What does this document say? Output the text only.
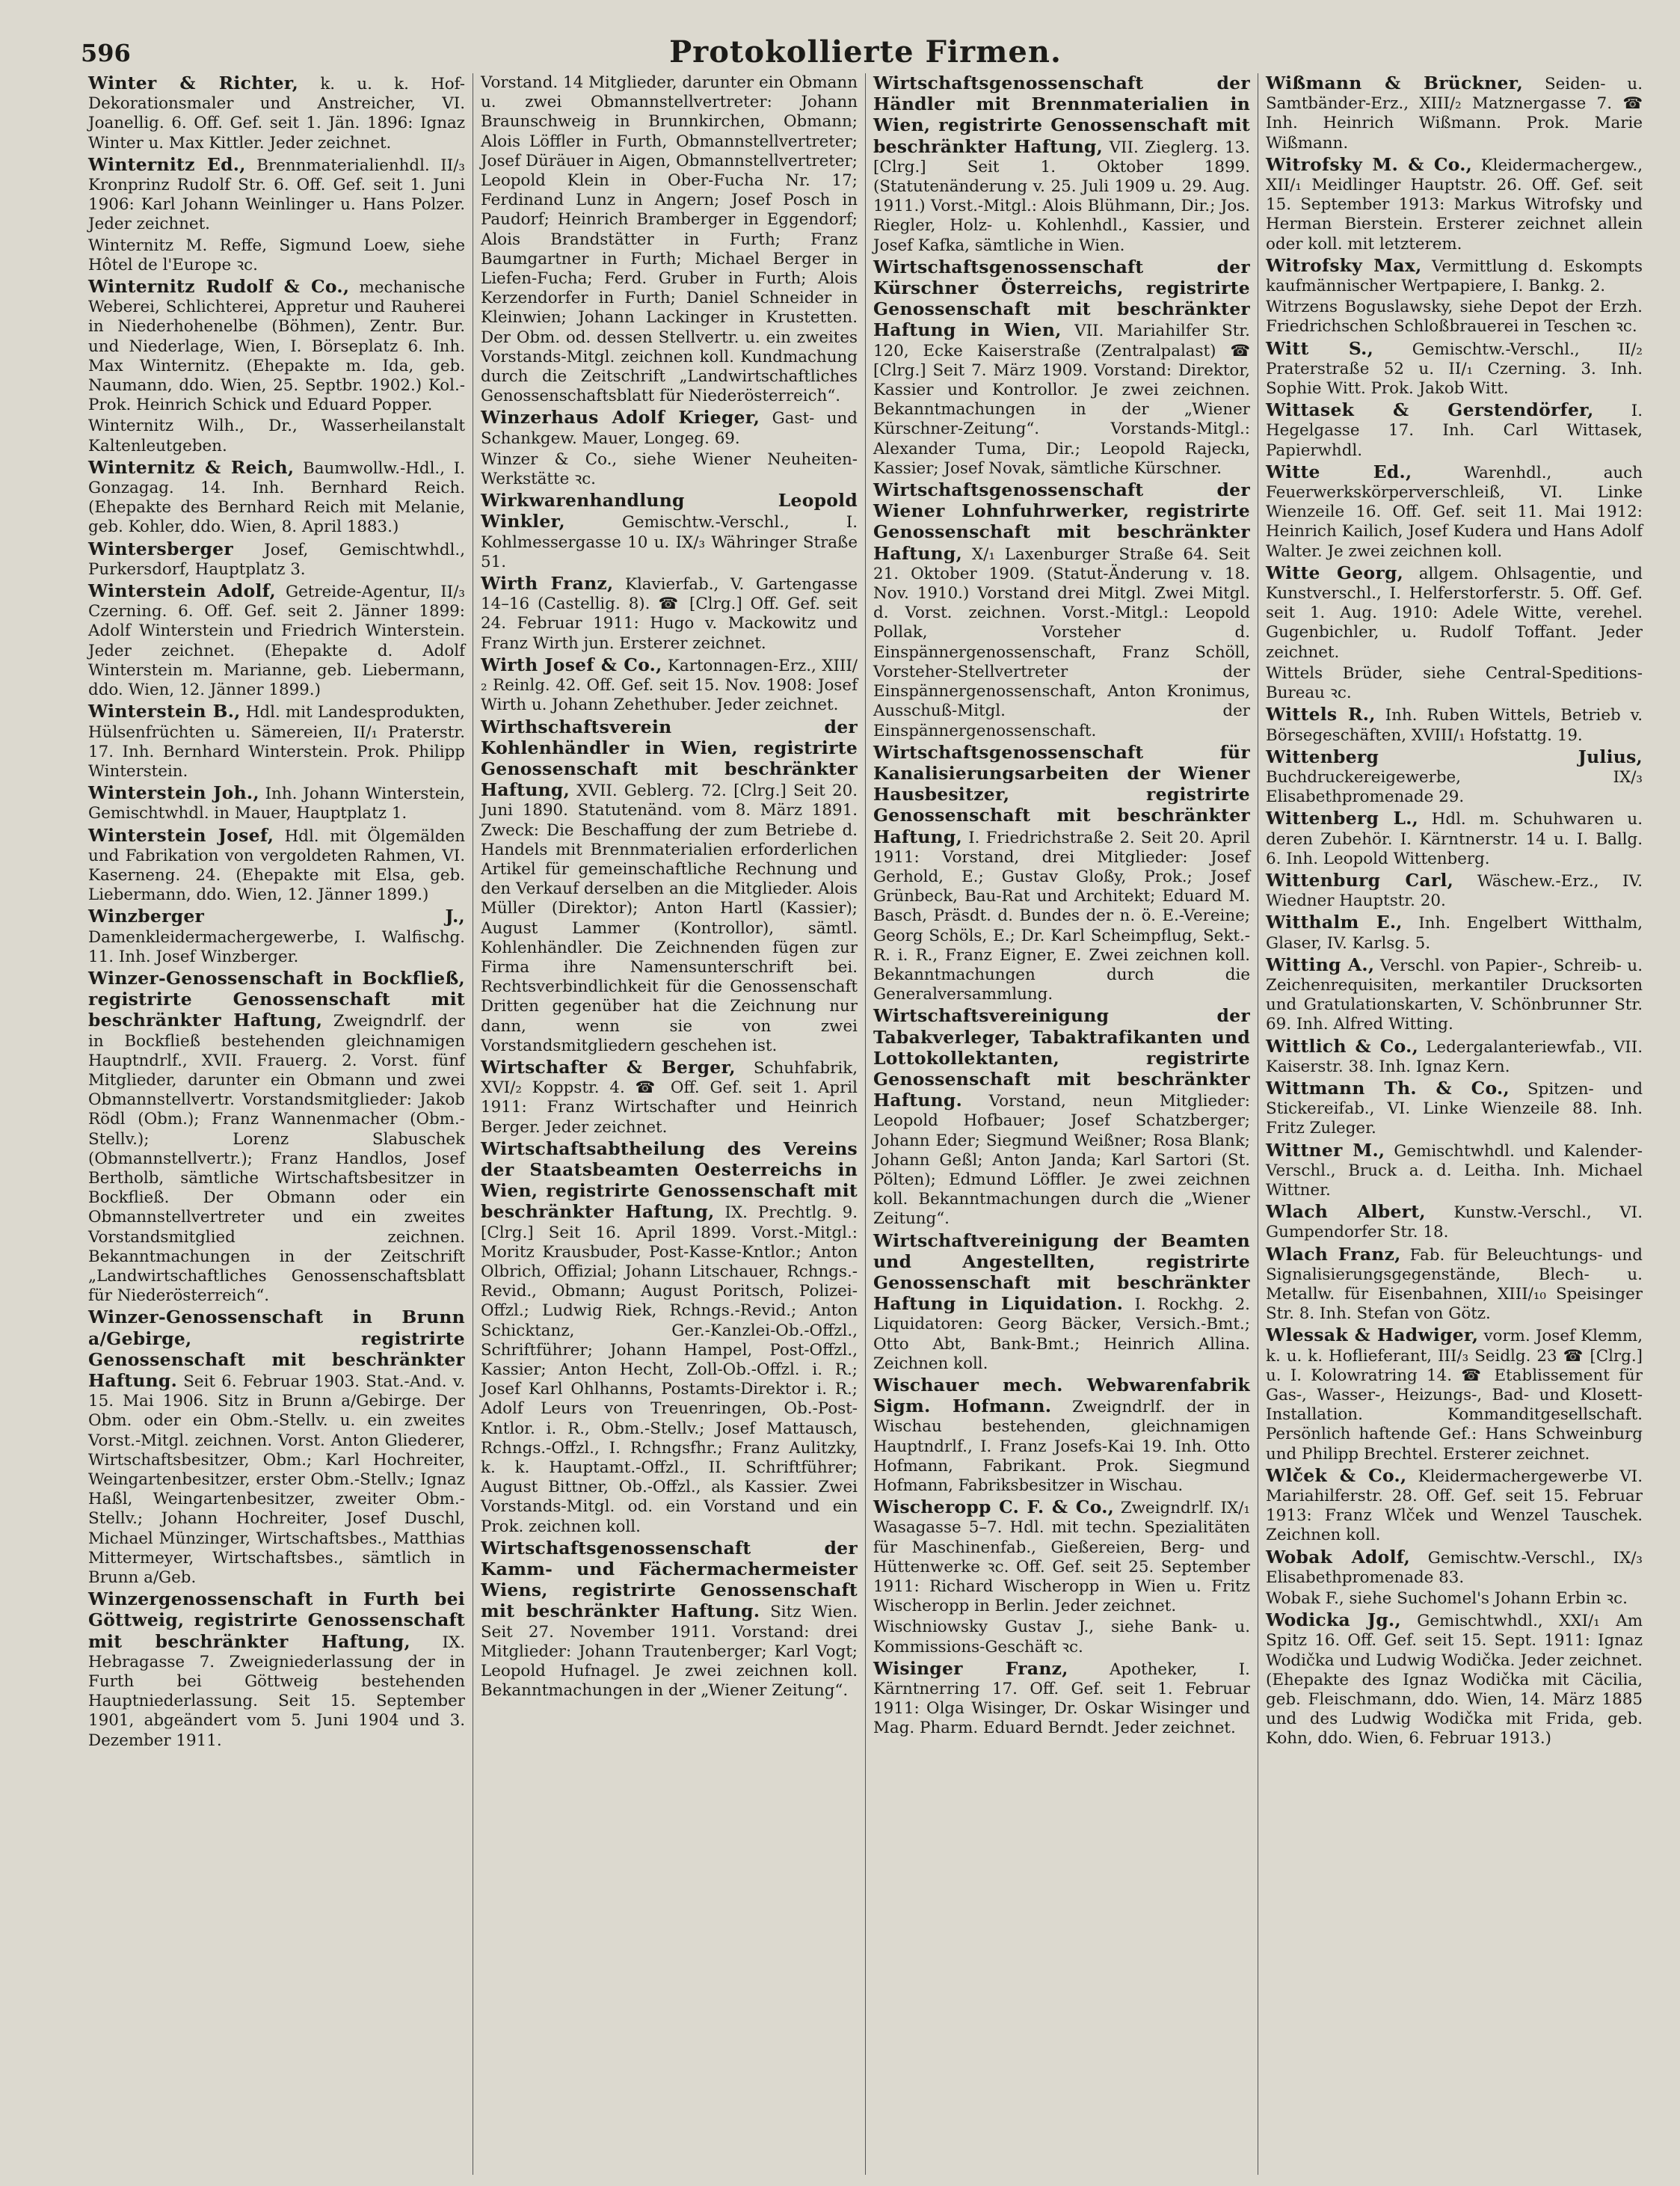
596	Protokollierte Firmen.

Winter & Richter, k. u. k. Hof-Dekorationsmaler und Anstreicher, VI. Joanellig. 6. Off. Gef. seit 1. Jän. 1896: Ignaz Winter u. Max Kittler. Jeder zeichnet.

Winternitz Ed., Brennmaterialienhdl. II/₃ Kronprinz Rudolf Str. 6. Off. Gef. seit 1. Juni 1906: Karl Johann Weinlinger u. Hans Polzer. Jeder zeichnet.

Winternitz M. Reffe, Sigmund Loew, siehe Hôtel de l'Europe ꝛc.

Winternitz Rudolf & Co., mechanische Weberei, Schlichterei, Appretur und Rauherei in Niederhohenelbe (Böhmen), Zentr. Bur. und Niederlage, Wien, I. Börseplatz 6. Inh. Max Winternitz. (Ehepakte m. Ida, geb. Naumann, ddo. Wien, 25. Septbr. 1902.) Kol.-Prok. Heinrich Schick und Eduard Popper.

Winternitz Wilh., Dr., Wasserheilanstalt Kaltenleutgeben.

Winternitz & Reich, Baumwollw.-Hdl., I. Gonzagag. 14. Inh. Bernhard Reich. (Ehepakte des Bernhard Reich mit Melanie, geb. Kohler, ddo. Wien, 8. April 1883.)

Wintersberger Josef, Gemischtwhdl., Purkersdorf, Hauptplatz 3.

Winterstein Adolf, Getreide-Agentur, II/₃ Czerning. 6. Off. Gef. seit 2. Jänner 1899: Adolf Winterstein und Friedrich Winterstein. Jeder zeichnet. (Ehepakte d. Adolf Winterstein m. Marianne, geb. Liebermann, ddo. Wien, 12. Jänner 1899.)

Winterstein B., Hdl. mit Landesprodukten, Hülsenfrüchten u. Sämereien, II/₁ Praterstr. 17. Inh. Bernhard Winterstein. Prok. Philipp Winterstein.

Winterstein Joh., Inh. Johann Winterstein, Gemischtwhdl. in Mauer, Hauptplatz 1.

Winterstein Josef, Hdl. mit Ölgemälden und Fabrikation von vergoldeten Rahmen, VI. Kaserneng. 24. (Ehepakte mit Elsa, geb. Liebermann, ddo. Wien, 12. Jänner 1899.)

Winzberger J., Damenkleidermachergewerbe, I. Walfischg. 11. Inh. Josef Winzberger.

Winzer-Genossenschaft in Bockfließ, registrirte Genossenschaft mit beschränkter Haftung, Zweigndrlf. der in Bockfließ bestehenden gleichnamigen Hauptndrlf., XVII. Frauerg. 2. Vorst. fünf Mitglieder, darunter ein Obmann und zwei Obmannstellvertr. Vorstandsmitglieder: Jakob Rödl (Obm.); Franz Wannenmacher (Obm.-Stellv.); Lorenz Slabuschek (Obmannstellvertr.); Franz Handlos, Josef Bertholb, sämtliche Wirtschaftsbesitzer in Bockfließ. Der Obmann oder ein Obmannstellvertreter und ein zweites Vorstandsmitglied zeichnen. Bekanntmachungen in der Zeitschrift „Landwirtschaftliches Genossenschaftsblatt für Niederösterreich“.

Winzer-Genossenschaft in Brunn a/Gebirge, registrirte Genossenschaft mit beschränkter Haftung. Seit 6. Februar 1903. Stat.-And. v. 15. Mai 1906. Sitz in Brunn a/Gebirge. Der Obm. oder ein Obm.-Stellv. u. ein zweites Vorst.-Mitgl. zeichnen. Vorst. Anton Gliederer, Wirtschaftsbesitzer, Obm.; Karl Hochreiter, Weingartenbesitzer, erster Obm.-Stellv.; Ignaz Haßl, Weingartenbesitzer, zweiter Obm.-Stellv.; Johann Hochreiter, Josef Duschl, Michael Münzinger, Wirtschaftsbes., Matthias Mittermeyer, Wirtschaftsbes., sämtlich in Brunn a/Geb.

Winzergenossenschaft in Furth bei Göttweig, registrirte Genossenschaft mit beschränkter Haftung, IX. Hebragasse 7. Zweigniederlassung der in Furth bei Göttweig bestehenden Hauptniederlassung. Seit 15. September 1901, abgeändert vom 5. Juni 1904 und 3. Dezember 1911.

Vorstand. 14 Mitglieder, darunter ein Obmann u. zwei Obmannstellvertreter: Johann Braunschweig in Brunnkirchen, Obmann; Alois Löffler in Furth, Obmannstellvertreter; Josef Düräuer in Aigen, Obmannstellvertreter; Leopold Klein in Ober-Fucha Nr. 17; Ferdinand Lunz in Angern; Josef Posch in Paudorf; Heinrich Bramberger in Eggendorf; Alois Brandstätter in Furth; Franz Baumgartner in Furth; Michael Berger in Liefen-Fucha; Ferd. Gruber in Furth; Alois Kerzendorfer in Furth; Daniel Schneider in Kleinwien; Johann Lackinger in Krustetten. Der Obm. od. dessen Stellvertr. u. ein zweites Vorstands-Mitgl. zeichnen koll. Kundmachung durch die Zeitschrift „Landwirtschaftliches Genossenschaftsblatt für Niederösterreich“.

Winzerhaus Adolf Krieger, Gast- und Schankgew. Mauer, Longeg. 69.

Winzer & Co., siehe Wiener Neuheiten-Werkstätte ꝛc.

Wirkwarenhandlung Leopold Winkler, Gemischtw.-Verschl., I. Kohlmessergasse 10 u. IX/₃ Währinger Straße 51.

Wirth Franz, Klavierfab., V. Gartengasse 14–16 (Castellig. 8). ☎ [Clrg.] Off. Gef. seit 24. Februar 1911: Hugo v. Mackowitz und Franz Wirth jun. Ersterer zeichnet.

Wirth Josef & Co., Kartonnagen-Erz., XIII/₂ Reinlg. 42. Off. Gef. seit 15. Nov. 1908: Josef Wirth u. Johann Zehethuber. Jeder zeichnet.

Wirthschaftsverein der Kohlenhändler in Wien, registrirte Genossenschaft mit beschränkter Haftung, XVII. Geblerg. 72. [Clrg.] Seit 20. Juni 1890. Statutenänd. vom 8. März 1891. Zweck: Die Beschaffung der zum Betriebe d. Handels mit Brennmaterialien erforderlichen Artikel für gemeinschaftliche Rechnung und den Verkauf derselben an die Mitglieder. Alois Müller (Direktor); Anton Hartl (Kassier); August Lammer (Kontrollor), sämtl. Kohlenhändler. Die Zeichnenden fügen zur Firma ihre Namensunterschrift bei. Rechtsverbindlichkeit für die Genossenschaft Dritten gegenüber hat die Zeichnung nur dann, wenn sie von zwei Vorstandsmitgliedern geschehen ist.

Wirtschafter & Berger, Schuhfabrik, XVI/₂ Koppstr. 4. ☎ Off. Gef. seit 1. April 1911: Franz Wirtschafter und Heinrich Berger. Jeder zeichnet.

Wirtschaftsabtheilung des Vereins der Staatsbeamten Oesterreichs in Wien, registrirte Genossenschaft mit beschränkter Haftung, IX. Prechtlg. 9. [Clrg.] Seit 16. April 1899. Vorst.-Mitgl.: Moritz Krausbuder, Post-Kasse-Kntlor.; Anton Olbrich, Offizial; Johann Litschauer, Rchngs.-Revid., Obmann; August Poritsch, Polizei-Offzl.; Ludwig Riek, Rchngs.-Revid.; Anton Schicktanz, Ger.-Kanzlei-Ob.-Offzl., Schriftführer; Johann Hampel, Post-Offzl., Kassier; Anton Hecht, Zoll-Ob.-Offzl. i. R.; Josef Karl Ohlhanns, Postamts-Direktor i. R.; Adolf Leurs von Treuenringen, Ob.-Post-Kntlor. i. R., Obm.-Stellv.; Josef Mattausch, Rchngs.-Offzl., I. Rchngsfhr.; Franz Aulitzky, k. k. Hauptamt.-Offzl., II. Schriftführer; August Bittner, Ob.-Offzl., als Kassier. Zwei Vorstands-Mitgl. od. ein Vorstand und ein Prok. zeichnen koll.

Wirtschaftsgenossenschaft der Kamm- und Fächermachermeister Wiens, registrirte Genossenschaft mit beschränkter Haftung. Sitz Wien. Seit 27. November 1911. Vorstand: drei Mitglieder: Johann Trautenberger; Karl Vogt; Leopold Hufnagel. Je zwei zeichnen koll. Bekanntmachungen in der „Wiener Zeitung“.

Wirtschaftsgenossenschaft der Händler mit Brennmaterialien in Wien, registrirte Genossenschaft mit beschränkter Haftung, VII. Zieglerg. 13. [Clrg.] Seit 1. Oktober 1899. (Statutenänderung v. 25. Juli 1909 u. 29. Aug. 1911.) Vorst.-Mitgl.: Alois Blühmann, Dir.; Jos. Riegler, Holz- u. Kohlenhdl., Kassier, und Josef Kafka, sämtliche in Wien.

Wirtschaftsgenossenschaft der Kürschner Österreichs, registrirte Genossenschaft mit beschränkter Haftung in Wien, VII. Mariahilfer Str. 120, Ecke Kaiserstraße (Zentralpalast) ☎ [Clrg.] Seit 7. März 1909. Vorstand: Direktor, Kassier und Kontrollor. Je zwei zeichnen. Bekanntmachungen in der „Wiener Kürschner-Zeitung“. Vorstands-Mitgl.: Alexander Tuma, Dir.; Leopold Rajeckı, Kassier; Josef Novak, sämtliche Kürschner.

Wirtschaftsgenossenschaft der Wiener Lohnfuhrwerker, registrirte Genossenschaft mit beschränkter Haftung, X/₁ Laxenburger Straße 64. Seit 21. Oktober 1909. (Statut-Änderung v. 18. Nov. 1910.) Vorstand drei Mitgl. Zwei Mitgl. d. Vorst. zeichnen. Vorst.-Mitgl.: Leopold Pollak, Vorsteher d. Einspännergenossenschaft, Franz Schöll, Vorsteher-Stellvertreter der Einspännergenossenschaft, Anton Kronimus, Ausschuß-Mitgl. der Einspännergenossenschaft.

Wirtschaftsgenossenschaft für Kanalisierungsarbeiten der Wiener Hausbesitzer, registrirte Genossenschaft mit beschränkter Haftung, I. Friedrichstraße 2. Seit 20. April 1911: Vorstand, drei Mitglieder: Josef Gerhold, E.; Gustav Gloßy, Prok.; Josef Grünbeck, Bau-Rat und Architekt; Eduard M. Basch, Präsdt. d. Bundes der n. ö. E.-Vereine; Georg Schöls, E.; Dr. Karl Scheimpflug, Sekt.-R. i. R., Franz Eigner, E. Zwei zeichnen koll. Bekanntmachungen durch die Generalversammlung.

Wirtschaftsvereinigung der Tabakverleger, Tabaktrafikanten und Lottokollektanten, registrirte Genossenschaft mit beschränkter Haftung. Vorstand, neun Mitglieder: Leopold Hofbauer; Josef Schatzberger; Johann Eder; Siegmund Weißner; Rosa Blank; Johann Geßl; Anton Janda; Karl Sartori (St. Pölten); Edmund Löffler. Je zwei zeichnen koll. Bekanntmachungen durch die „Wiener Zeitung“.

Wirtschaftvereinigung der Beamten und Angestellten, registrirte Genossenschaft mit beschränkter Haftung in Liquidation. I. Rockhg. 2. Liquidatoren: Georg Bäcker, Versich.-Bmt.; Otto Abt, Bank-Bmt.; Heinrich Allina. Zeichnen koll.

Wischauer mech. Webwarenfabrik Sigm. Hofmann. Zweigndrlf. der in Wischau bestehenden, gleichnamigen Hauptndrlf., I. Franz Josefs-Kai 19. Inh. Otto Hofmann, Fabrikant. Prok. Siegmund Hofmann, Fabriksbesitzer in Wischau.

Wischeropp C. F. & Co., Zweigndrlf. IX/₁ Wasagasse 5–7. Hdl. mit techn. Spezialitäten für Maschinenfab., Gießereien, Berg- und Hüttenwerke ꝛc. Off. Gef. seit 25. September 1911: Richard Wischeropp in Wien u. Fritz Wischeropp in Berlin. Jeder zeichnet.

Wischniowsky Gustav J., siehe Bank- u. Kommissions-Geschäft ꝛc.

Wisinger Franz, Apotheker, I. Kärntnerring 17. Off. Gef. seit 1. Februar 1911: Olga Wisinger, Dr. Oskar Wisinger und Mag. Pharm. Eduard Berndt. Jeder zeichnet.

Wißmann & Brückner, Seiden- u. Samtbänder-Erz., XIII/₂ Matznergasse 7. ☎ Inh. Heinrich Wißmann. Prok. Marie Wißmann.

Witrofsky M. & Co., Kleidermachergew., XII/₁ Meidlinger Hauptstr. 26. Off. Gef. seit 15. September 1913: Markus Witrofsky und Herman Bierstein. Ersterer zeichnet allein oder koll. mit letzterem.

Witrofsky Max, Vermittlung d. Eskompts kaufmännischer Wertpapiere, I. Bankg. 2.

Witrzens Boguslawsky, siehe Depot der Erzh. Friedrichschen Schloßbrauerei in Teschen ꝛc.

Witt S., Gemischtw.-Verschl., II/₂ Praterstraße 52 u. II/₁ Czerning. 3. Inh. Sophie Witt. Prok. Jakob Witt.

Wittasek & Gerstendörfer, I. Hegelgasse 17. Inh. Carl Wittasek, Papierwhdl.

Witte Ed., Warenhdl., auch Feuerwerkskörperverschleiß, VI. Linke Wienzeile 16. Off. Gef. seit 11. Mai 1912: Heinrich Kailich, Josef Kudera und Hans Adolf Walter. Je zwei zeichnen koll.

Witte Georg, allgem. Ohlsagentie, und Kunstverschl., I. Helferstorferstr. 5. Off. Gef. seit 1. Aug. 1910: Adele Witte, verehel. Gugenbichler, u. Rudolf Toffant. Jeder zeichnet.

Wittels Brüder, siehe Central-Speditions-Bureau ꝛc.

Wittels R., Inh. Ruben Wittels, Betrieb v. Börsegeschäften, XVIII/₁ Hofstattg. 19.

Wittenberg Julius, Buchdruckereigewerbe, IX/₃ Elisabethpromenade 29.

Wittenberg L., Hdl. m. Schuhwaren u. deren Zubehör. I. Kärntnerstr. 14 u. I. Ballg. 6. Inh. Leopold Wittenberg.

Wittenburg Carl, Wäschew.-Erz., IV. Wiedner Hauptstr. 20.

Witthalm E., Inh. Engelbert Witthalm, Glaser, IV. Karlsg. 5.

Witting A., Verschl. von Papier-, Schreib- u. Zeichenrequisiten, merkantiler Drucksorten und Gratulationskarten, V. Schönbrunner Str. 69. Inh. Alfred Witting.

Wittlich & Co., Ledergalanteriewfab., VII. Kaiserstr. 38. Inh. Ignaz Kern.

Wittmann Th. & Co., Spitzen- und Stickereifab., VI. Linke Wienzeile 88. Inh. Fritz Zuleger.

Wittner M., Gemischtwhdl. und Kalender-Verschl., Bruck a. d. Leitha. Inh. Michael Wittner.

Wlach Albert, Kunstw.-Verschl., VI. Gumpendorfer Str. 18.

Wlach Franz, Fab. für Beleuchtungs- und Signalisierungsgegenstände, Blech- u. Metallw. für Eisenbahnen, XIII/₁₀ Speisinger Str. 8. Inh. Stefan von Götz.

Wlessak & Hadwiger, vorm. Josef Klemm, k. u. k. Hoflieferant, III/₃ Seidlg. 23 ☎ [Clrg.] u. I. Kolowratring 14. ☎ Etablissement für Gas-, Wasser-, Heizungs-, Bad- und Klosett-Installation. Kommanditgesellschaft. Persönlich haftende Gef.: Hans Schweinburg und Philipp Brechtel. Ersterer zeichnet.

Wlček & Co., Kleidermachergewerbe VI. Mariahilferstr. 28. Off. Gef. seit 15. Februar 1913: Franz Wlček und Wenzel Tauschek. Zeichnen koll.

Wobak Adolf, Gemischtw.-Verschl., IX/₃ Elisabethpromenade 83.

Wobak F., siehe Suchomel's Johann Erbin ꝛc.

Wodicka Jg., Gemischtwhdl., XXI/₁ Am Spitz 16. Off. Gef. seit 15. Sept. 1911: Ignaz Wodička und Ludwig Wodička. Jeder zeichnet. (Ehepakte des Ignaz Wodička mit Cäcilia, geb. Fleischmann, ddo. Wien, 14. März 1885 und des Ludwig Wodička mit Frida, geb. Kohn, ddo. Wien, 6. Februar 1913.)
